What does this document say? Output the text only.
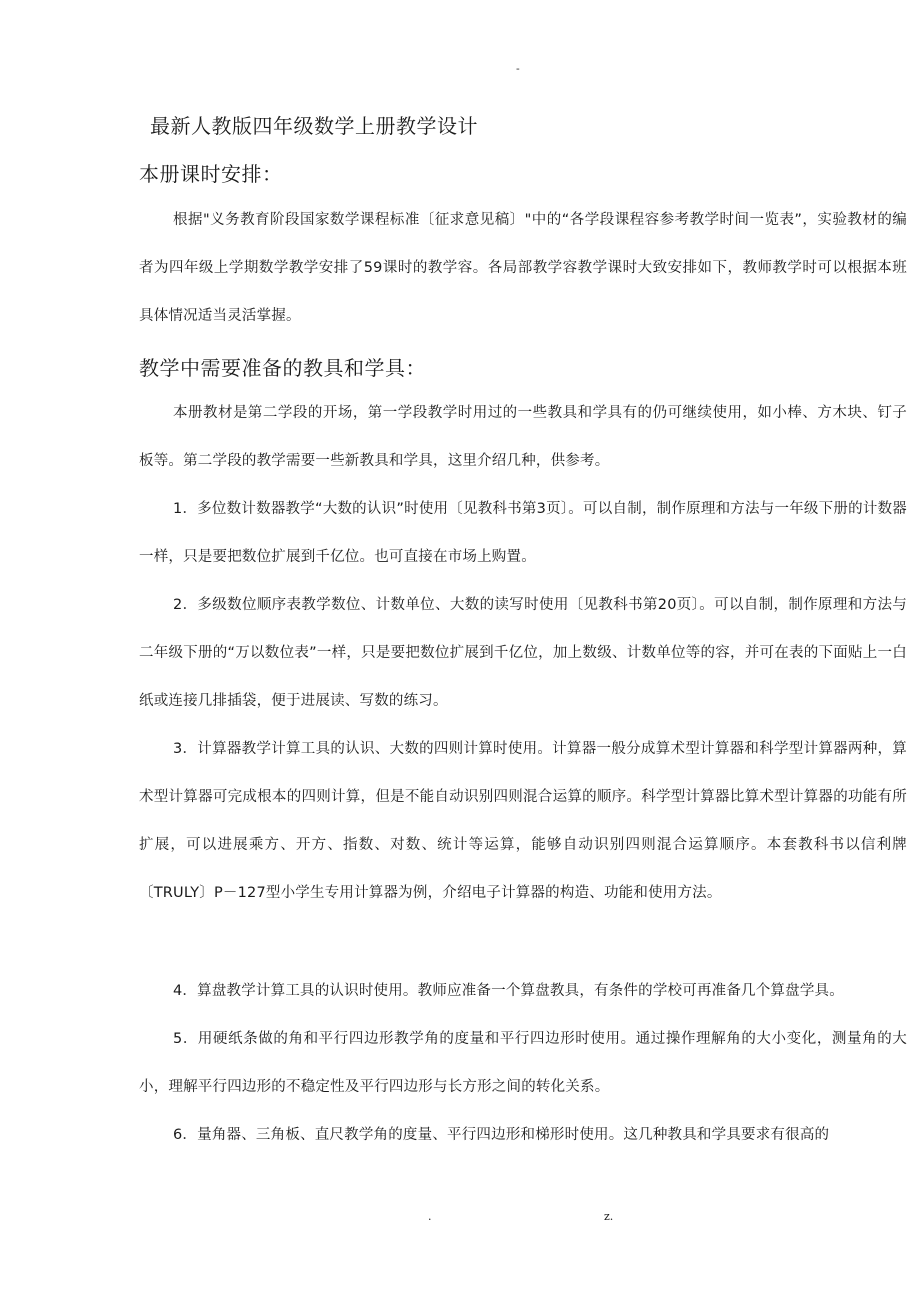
-
最新人教版四年级数学上册教学设计
本册课时安排：

根据"义务教育阶段国家数学课程标准〔征求意见稿〕"中的“各学段课程容参考教学时间一览表”，实验教材的编者为四年级上学期数学教学安排了59课时的教学容。各局部教学容教学课时大致安排如下，教师教学时可以根据本班具体情况适当灵活掌握。

教学中需要准备的教具和学具：

本册教材是第二学段的开场，第一学段教学时用过的一些教具和学具有的仍可继续使用，如小棒、方木块、钉子板等。第二学段的教学需要一些新教具和学具，这里介绍几种，供参考。

1．多位数计数器教学“大数的认识”时使用〔见教科书第3页〕。可以自制，制作原理和方法与一年级下册的计数器一样，只是要把数位扩展到千亿位。也可直接在市场上购置。

2．多级数位顺序表教学数位、计数单位、大数的读写时使用〔见教科书第20页〕。可以自制，制作原理和方法与二年级下册的“万以数位表”一样，只是要把数位扩展到千亿位，加上数级、计数单位等的容，并可在表的下面贴上一白纸或连接几排插袋，便于进展读、写数的练习。

3．计算器教学计算工具的认识、大数的四则计算时使用。计算器一般分成算术型计算器和科学型计算器两种，算术型计算器可完成根本的四则计算，但是不能自动识别四则混合运算的顺序。科学型计算器比算术型计算器的功能有所扩展，可以进展乘方、开方、指数、对数、统计等运算，能够自动识别四则混合运算顺序。本套教科书以信利牌〔TRULY〕P－127型小学生专用计算器为例，介绍电子计算器的构造、功能和使用方法。

4．算盘教学计算工具的认识时使用。教师应准备一个算盘教具，有条件的学校可再准备几个算盘学具。

5．用硬纸条做的角和平行四边形教学角的度量和平行四边形时使用。通过操作理解角的大小变化，测量角的大小，理解平行四边形的不稳定性及平行四边形与长方形之间的转化关系。

6．量角器、三角板、直尺教学角的度量、平行四边形和梯形时使用。这几种教具和学具要求有很高的

.	z.
